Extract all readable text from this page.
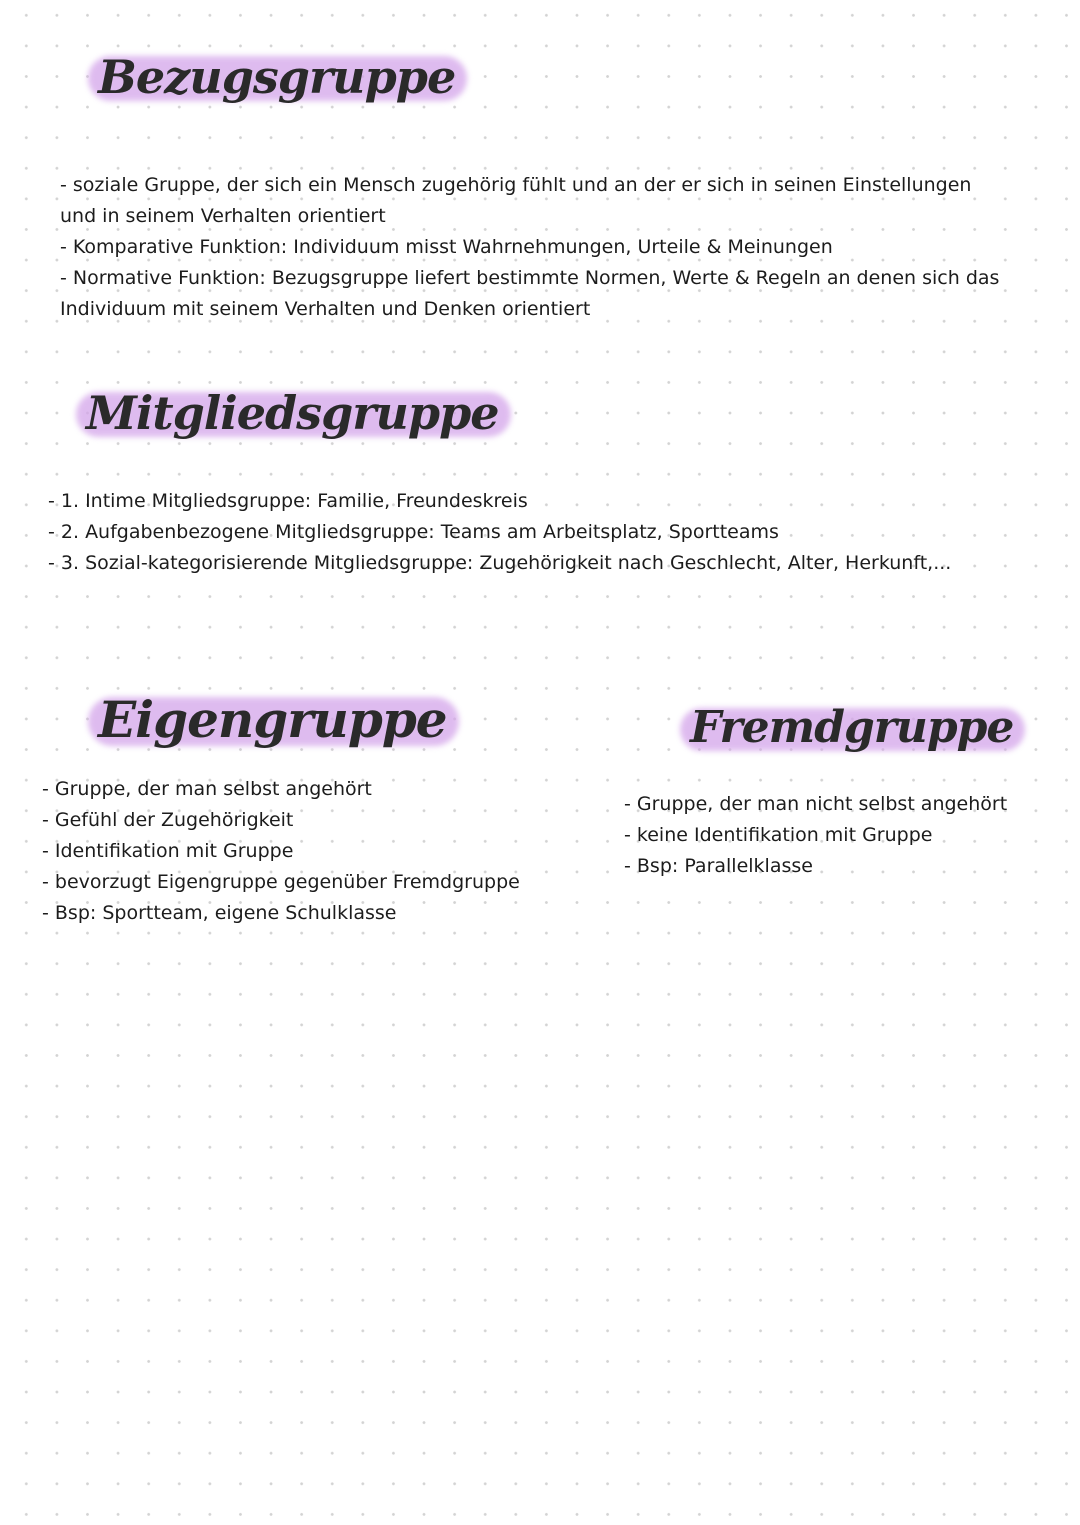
Bezugsgruppe

- soziale Gruppe, der sich ein Mensch zugehörig fühlt und an der er sich in seinen Einstellungen

und in seinem Verhalten orientiert

- Komparative Funktion: Individuum misst Wahrnehmungen, Urteile & Meinungen

- Normative Funktion: Bezugsgruppe liefert bestimmte Normen, Werte & Regeln an denen sich das

Individuum mit seinem Verhalten und Denken orientiert

Mitgliedsgruppe
- 1. Intime Mitgliedsgruppe: Familie, Freundeskreis
- 2. Aufgabenbezogene Mitgliedsgruppe: Teams am Arbeitsplatz, Sportteams
- 3. Sozial-kategorisierende Mitgliedsgruppe: Zugehörigkeit nach Geschlecht, Alter, Herkunft,...
Eigengruppe
- Gruppe, der man selbst angehört
- Gefühl der Zugehörigkeit
- Identifikation mit Gruppe
- bevorzugt Eigengruppe gegenüber Fremdgruppe
- Bsp: Sportteam, eigene Schulklasse
Fremdgruppe
- Gruppe, der man nicht selbst angehört
- keine Identifikation mit Gruppe
- Bsp: Parallelklasse
